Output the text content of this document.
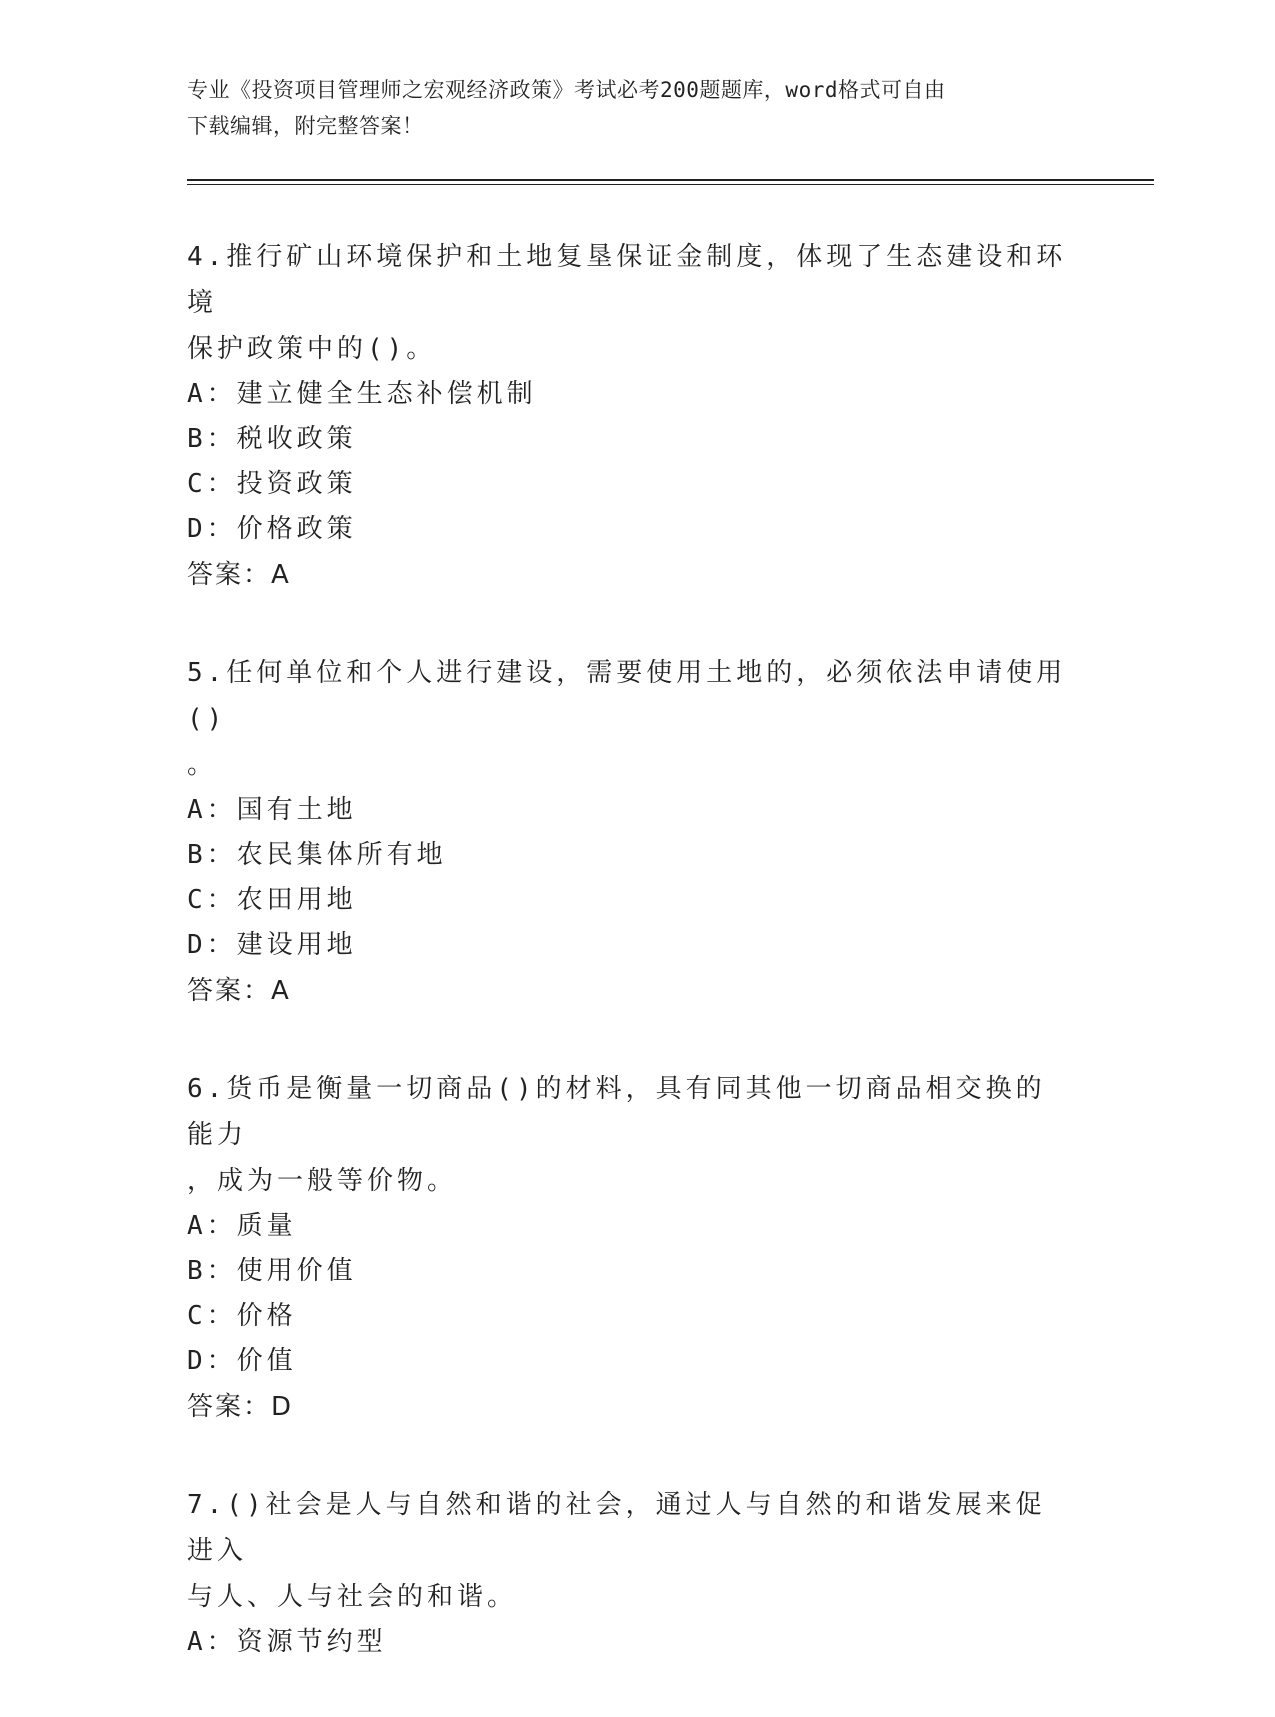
专业《投资项目管理师之宏观经济政策》考试必考200题题库，word格式可自由
下载编辑，附完整答案！

4.推行矿山环境保护和土地复垦保证金制度，体现了生态建设和环境

保护政策中的()。

A：建立健全生态补偿机制

B：税收政策

C：投资政策

D：价格政策

答案：A

5.任何单位和个人进行建设，需要使用土地的，必须依法申请使用()

。

A：国有土地

B：农民集体所有地

C：农田用地

D：建设用地

答案：A

6.货币是衡量一切商品()的材料，具有同其他一切商品相交换的能力

，成为一般等价物。

A：质量

B：使用价值

C：价格

D：价值

答案：D

7.()社会是人与自然和谐的社会，通过人与自然的和谐发展来促进入

与人、人与社会的和谐。

A：资源节约型
